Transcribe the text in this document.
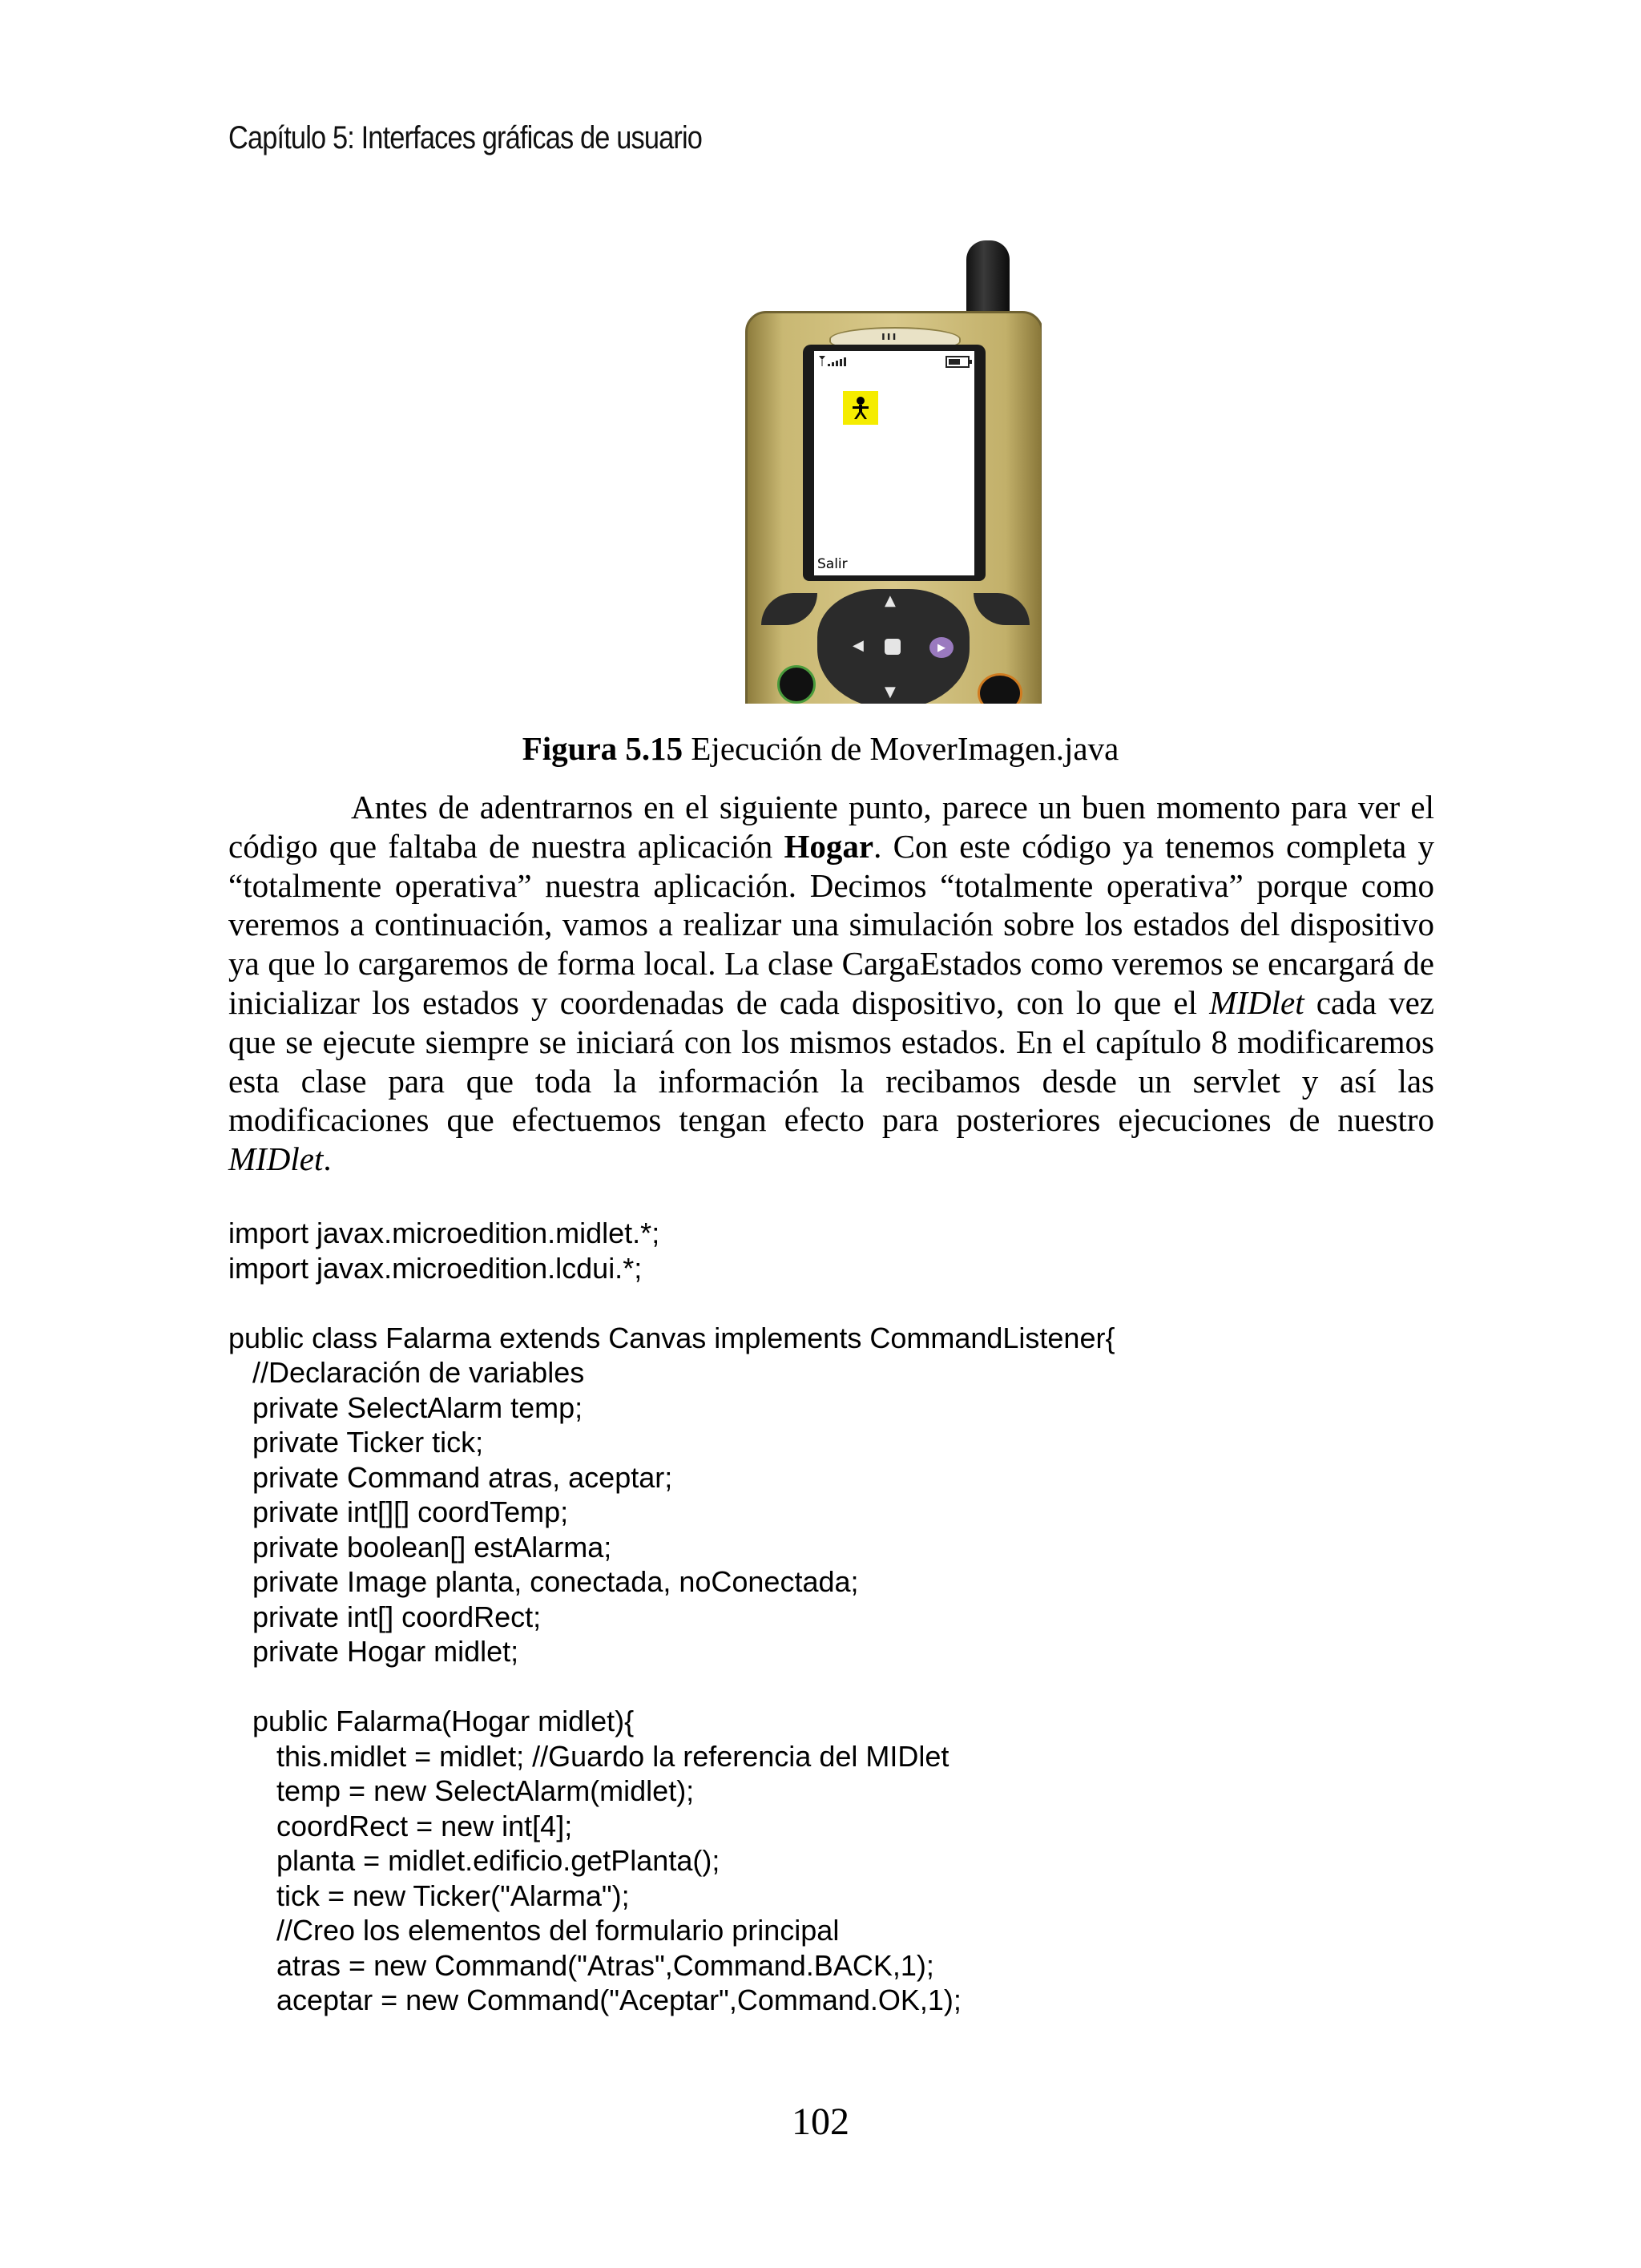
Capítulo 5: Interfaces gráficas de usuario
ııı
Salir
▲
◀	▶
▼
Figura 5.15 Ejecución de MoverImagen.java

Antes de adentrarnos en el siguiente punto, parece un buen momento para ver el código que faltaba de nuestra aplicación Hogar. Con este código ya tenemos completa y “totalmente operativa” nuestra aplicación. Decimos “totalmente operativa” porque como veremos a continuación, vamos a realizar una simulación sobre los estados del dispositivo ya que lo cargaremos de forma local. La clase CargaEstados como veremos se encargará de inicializar los estados y coordenadas de cada dispositivo, con lo que el MIDlet cada vez que se ejecute siempre se iniciará con los mismos estados. En el capítulo 8 modificaremos esta clase para que toda la información la recibamos desde un servlet y así las modificaciones que efectuemos tengan efecto para posteriores ejecuciones de nuestro MIDlet.

import javax.microedition.midlet.*;
import javax.microedition.lcdui.*;

public class Falarma extends Canvas implements CommandListener{
//Declaración de variables
private SelectAlarm temp;
private Ticker tick;
private Command atras, aceptar;
private int[][] coordTemp;
private boolean[] estAlarma;
private Image planta, conectada, noConectada;
private int[] coordRect;
private Hogar midlet;

public Falarma(Hogar midlet){
this.midlet = midlet; //Guardo la referencia del MIDlet
temp = new SelectAlarm(midlet);
coordRect = new int[4];
planta = midlet.edificio.getPlanta();
tick = new Ticker("Alarma");
//Creo los elementos del formulario principal
atras = new Command("Atras",Command.BACK,1);
aceptar = new Command("Aceptar",Command.OK,1);
102
